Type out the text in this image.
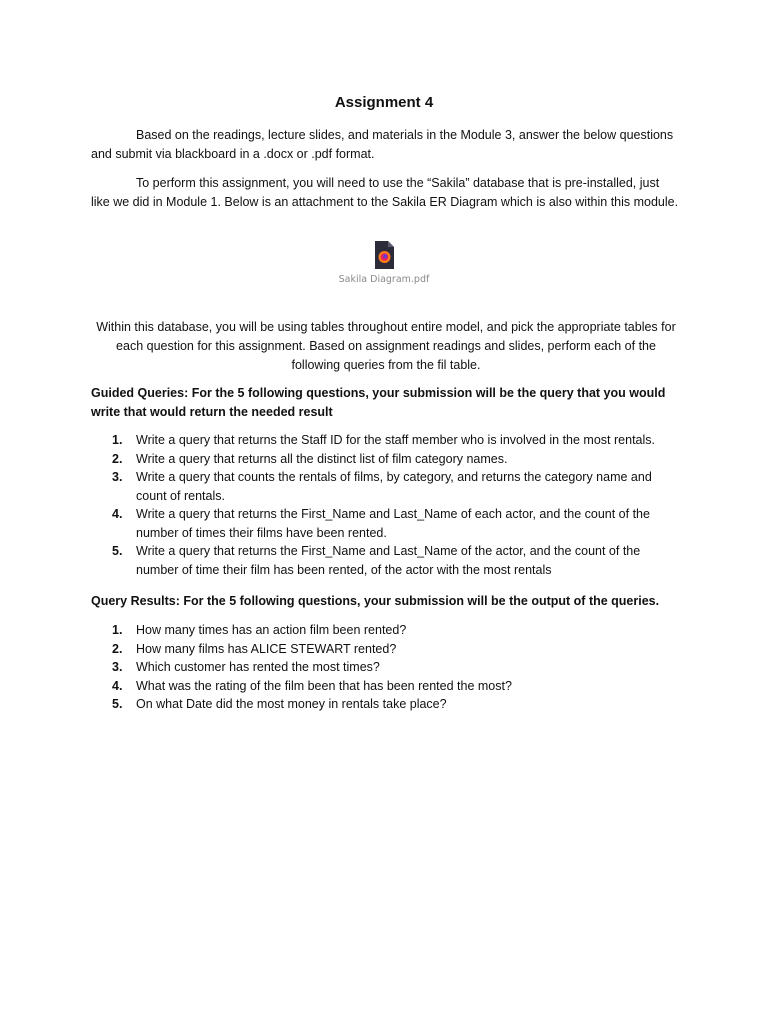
Assignment 4

Based on the readings, lecture slides, and materials in the Module 3, answer the below questions and submit via blackboard in a .docx or .pdf format.

To perform this assignment, you will need to use the “Sakila” database that is pre-installed, just like we did in Module 1. Below is an attachment to the Sakila ER Diagram which is also within this module.

Sakila Diagram.pdf

Within this database, you will be using tables throughout entire model, and pick the appropriate tables for each question for this assignment. Based on assignment readings and slides, perform each of the following queries from the fil table.

Guided Queries: For the 5 following questions, your submission will be the query that you would write that would return the needed result

1. Write a query that returns the Staff ID for the staff member who is involved in the most rentals.
2. Write a query that returns all the distinct list of film category names.
3. Write a query that counts the rentals of films, by category, and returns the category name and count of rentals.
4. Write a query that returns the First_Name and Last_Name of each actor, and the count of the number of times their films have been rented.
5. Write a query that returns the First_Name and Last_Name of the actor, and the count of the number of time their film has been rented, of the actor with the most rentals

Query Results: For the 5 following questions, your submission will be the output of the queries.

1. How many times has an action film been rented?
2. How many films has ALICE STEWART rented?
3. Which customer has rented the most times?
4. What was the rating of the film been that has been rented the most?
5. On what Date did the most money in rentals take place?
